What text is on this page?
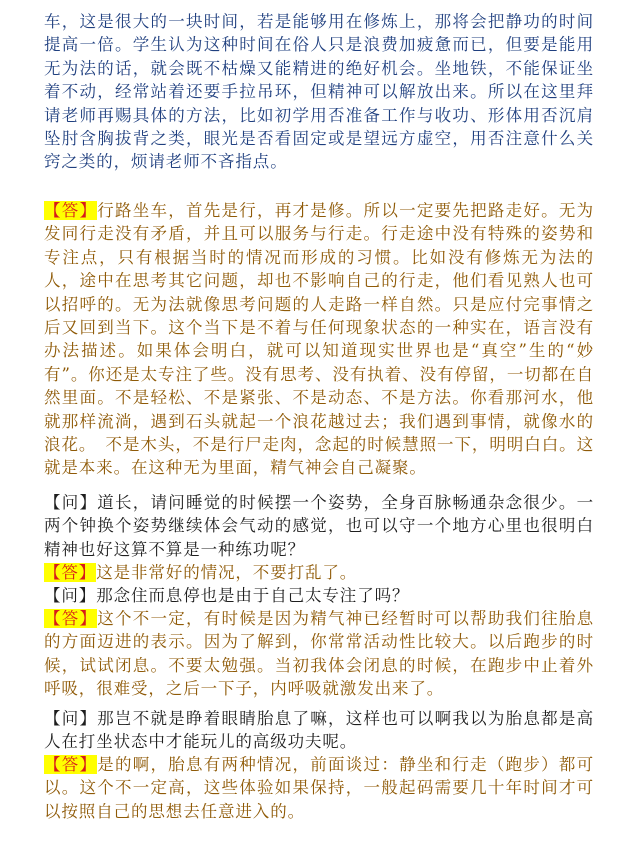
车，这是很大的一块时间，若是能够用在修炼上，那将会把静功的时间提高一倍。学生认为这种时间在俗人只是浪费加疲惫而已，但要是能用无为法的话，就会既不枯燥又能精进的绝好机会。坐地铁，不能保证坐着不动，经常站着还要手拉吊环，但精神可以解放出来。所以在这里拜请老师再赐具体的方法，比如初学用否准备工作与收功、形体用否沉肩坠肘含胸拔背之类，眼光是否看固定或是望远方虚空，用否注意什么关窍之类的，烦请老师不吝指点。

【答】行路坐车，首先是行，再才是修。所以一定要先把路走好。无为发同行走没有矛盾，并且可以服务与行走。行走途中没有特殊的姿势和专注点，只有根据当时的情况而形成的习惯。比如没有修炼无为法的人，途中在思考其它问题，却也不影响自己的行走，他们看见熟人也可以招呼的。无为法就像思考问题的人走路一样自然。只是应付完事情之后又回到当下。这个当下是不着与任何现象状态的一种实在，语言没有办法描述。如果体会明白，就可以知道现实世界也是“真空”生的“妙有”。你还是太专注了些。没有思考、没有执着、没有停留，一切都在自然里面。不是轻松、不是紧张、不是动态、不是方法。你看那河水，他就那样流淌，遇到石头就起一个浪花越过去；我们遇到事情，就像水的浪花。　不是木头，不是行尸走肉，念起的时候慧照一下，明明白白。这就是本来。在这种无为里面，精气神会自己凝聚。

【问】道长，请问睡觉的时候摆一个姿势，全身百脉畅通杂念很少。一两个钟换个姿势继续体会气动的感觉，也可以守一个地方心里也很明白精神也好这算不算是一种练功呢？

【答】这是非常好的情况，不要打乱了。

【问】那念住而息停也是由于自己太专注了吗？

【答】这个不一定，有时候是因为精气神已经暂时可以帮助我们往胎息的方面迈进的表示。因为了解到，你常常活动性比较大。以后跑步的时候，试试闭息。不要太勉强。当初我体会闭息的时候，在跑步中止着外呼吸，很难受，之后一下子，内呼吸就激发出来了。

【问】那岂不就是睁着眼睛胎息了嘛，这样也可以啊我以为胎息都是高人在打坐状态中才能玩儿的高级功夫呢。

【答】是的啊，胎息有两种情况，前面谈过：静坐和行走（跑步）都可以。这个不一定高，这些体验如果保持，一般起码需要几十年时间才可以按照自己的思想去任意进入的。
